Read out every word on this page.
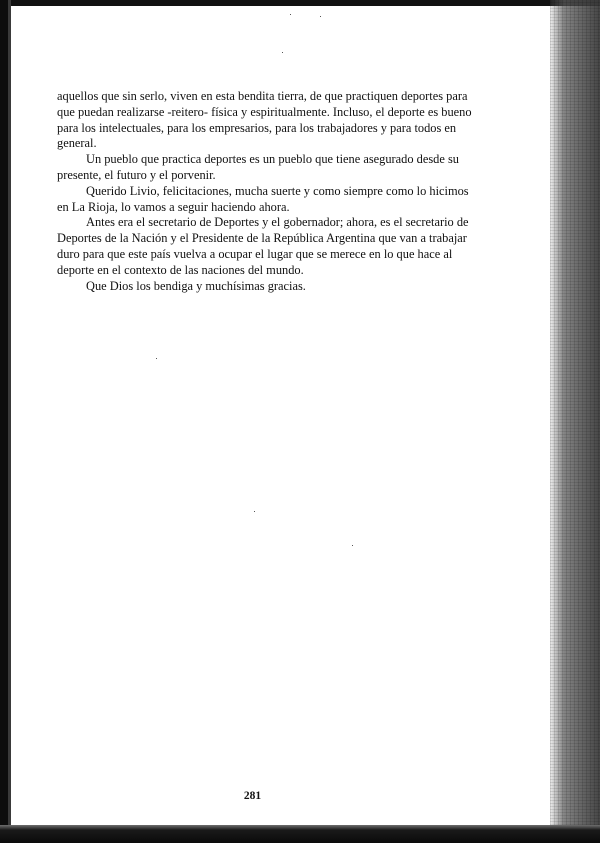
aquellos que sin serlo, viven en esta bendita tierra, de que practiquen deportes para que puedan realizarse -reitero- física y espiritualmente. Incluso, el deporte es bueno para los intelectuales, para los empresarios, para los trabajadores y para todos en general.

Un pueblo que practica deportes es un pueblo que tiene asegurado desde su presente, el futuro y el porvenir.

Querido Livio, felicitaciones, mucha suerte y como siempre como lo hicimos en La Rioja, lo vamos a seguir haciendo ahora.

Antes era el secretario de Deportes y el gobernador; ahora, es el secretario de Deportes de la Nación y el Presidente de la República Argentina que van a trabajar duro para que este país vuelva a ocupar el lugar que se merece en lo que hace al deporte en el contexto de las naciones del mundo.

Que Dios los bendiga y muchísimas gracias.

281
